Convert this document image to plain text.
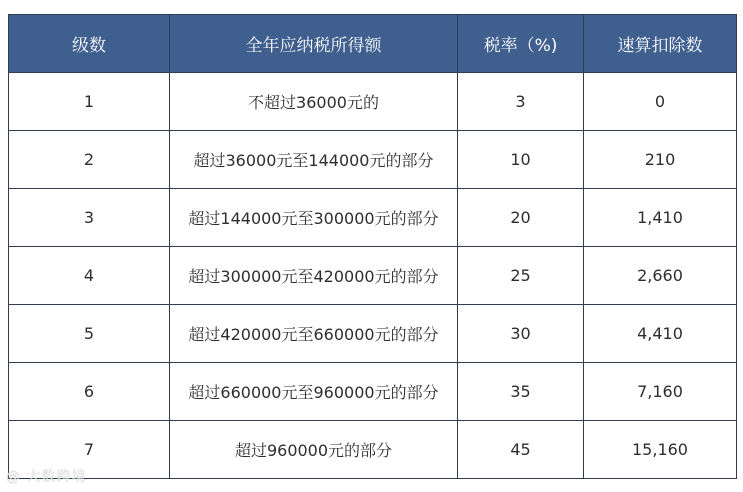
级数	全年应纳税所得额	税率（%)	速算扣除数
1	不超过36000元的	3	0
2	超过36000元至144000元的部分	10	210
3	超过144000元至300000元的部分	20	1,410
4	超过300000元至420000元的部分	25	2,660
5	超过420000元至660000元的部分	30	4,410
6	超过660000元至960000元的部分	35	7,160
7	超过960000元的部分	45	15,160
@ 大数跨境
